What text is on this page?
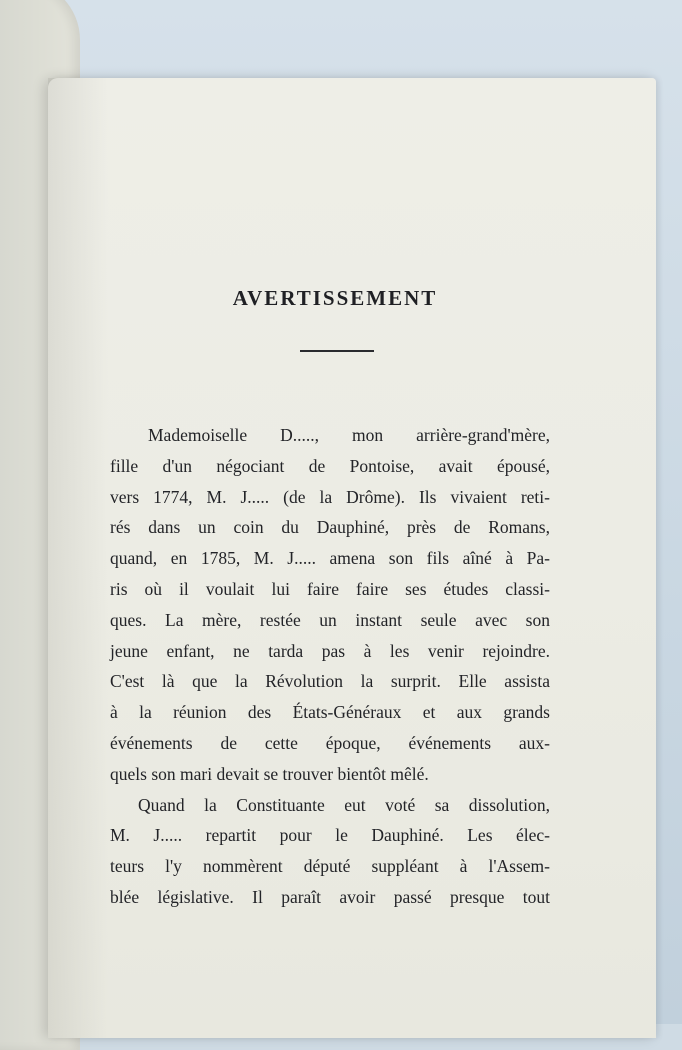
AVERTISSEMENT
Mademoiselle D....., mon arrière-grand'mère,
fille d'un négociant de Pontoise, avait épousé,
vers 1774, M. J..... (de la Drôme). Ils vivaient reti-
rés dans un coin du Dauphiné, près de Romans,
quand, en 1785, M. J..... amena son fils aîné à Pa-
ris où il voulait lui faire faire ses études classi-
ques. La mère, restée un instant seule avec son
jeune enfant, ne tarda pas à les venir rejoindre.
C'est là que la Révolution la surprit. Elle assista
à la réunion des États-Généraux et aux grands
événements de cette époque, événements aux-
quels son mari devait se trouver bientôt mêlé.
Quand la Constituante eut voté sa dissolution,
M. J..... repartit pour le Dauphiné. Les élec-
teurs l'y nommèrent député suppléant à l'Assem-
blée législative. Il paraît avoir passé presque tout
